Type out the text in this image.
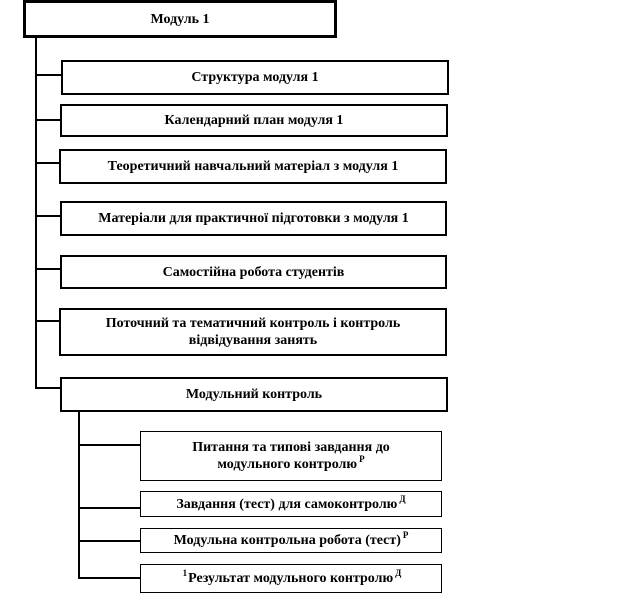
Модуль 1
Структура модуля 1
Календарний план модуля 1
Теоретичний навчальний матеріал з модуля 1
Матеріали для практичної підготовки з модуля 1
Самостійна робота студентів
Поточний та тематичний контроль і контроль відвідування занять
Модульний контроль
Питання та типові завдання до модульного контролю $^Р$
Завдання (тест) для самоконтролю $^Д$
Модульна контрольна робота (тест) $^Р$
$^1$Результат модульного контролю $^Д$
